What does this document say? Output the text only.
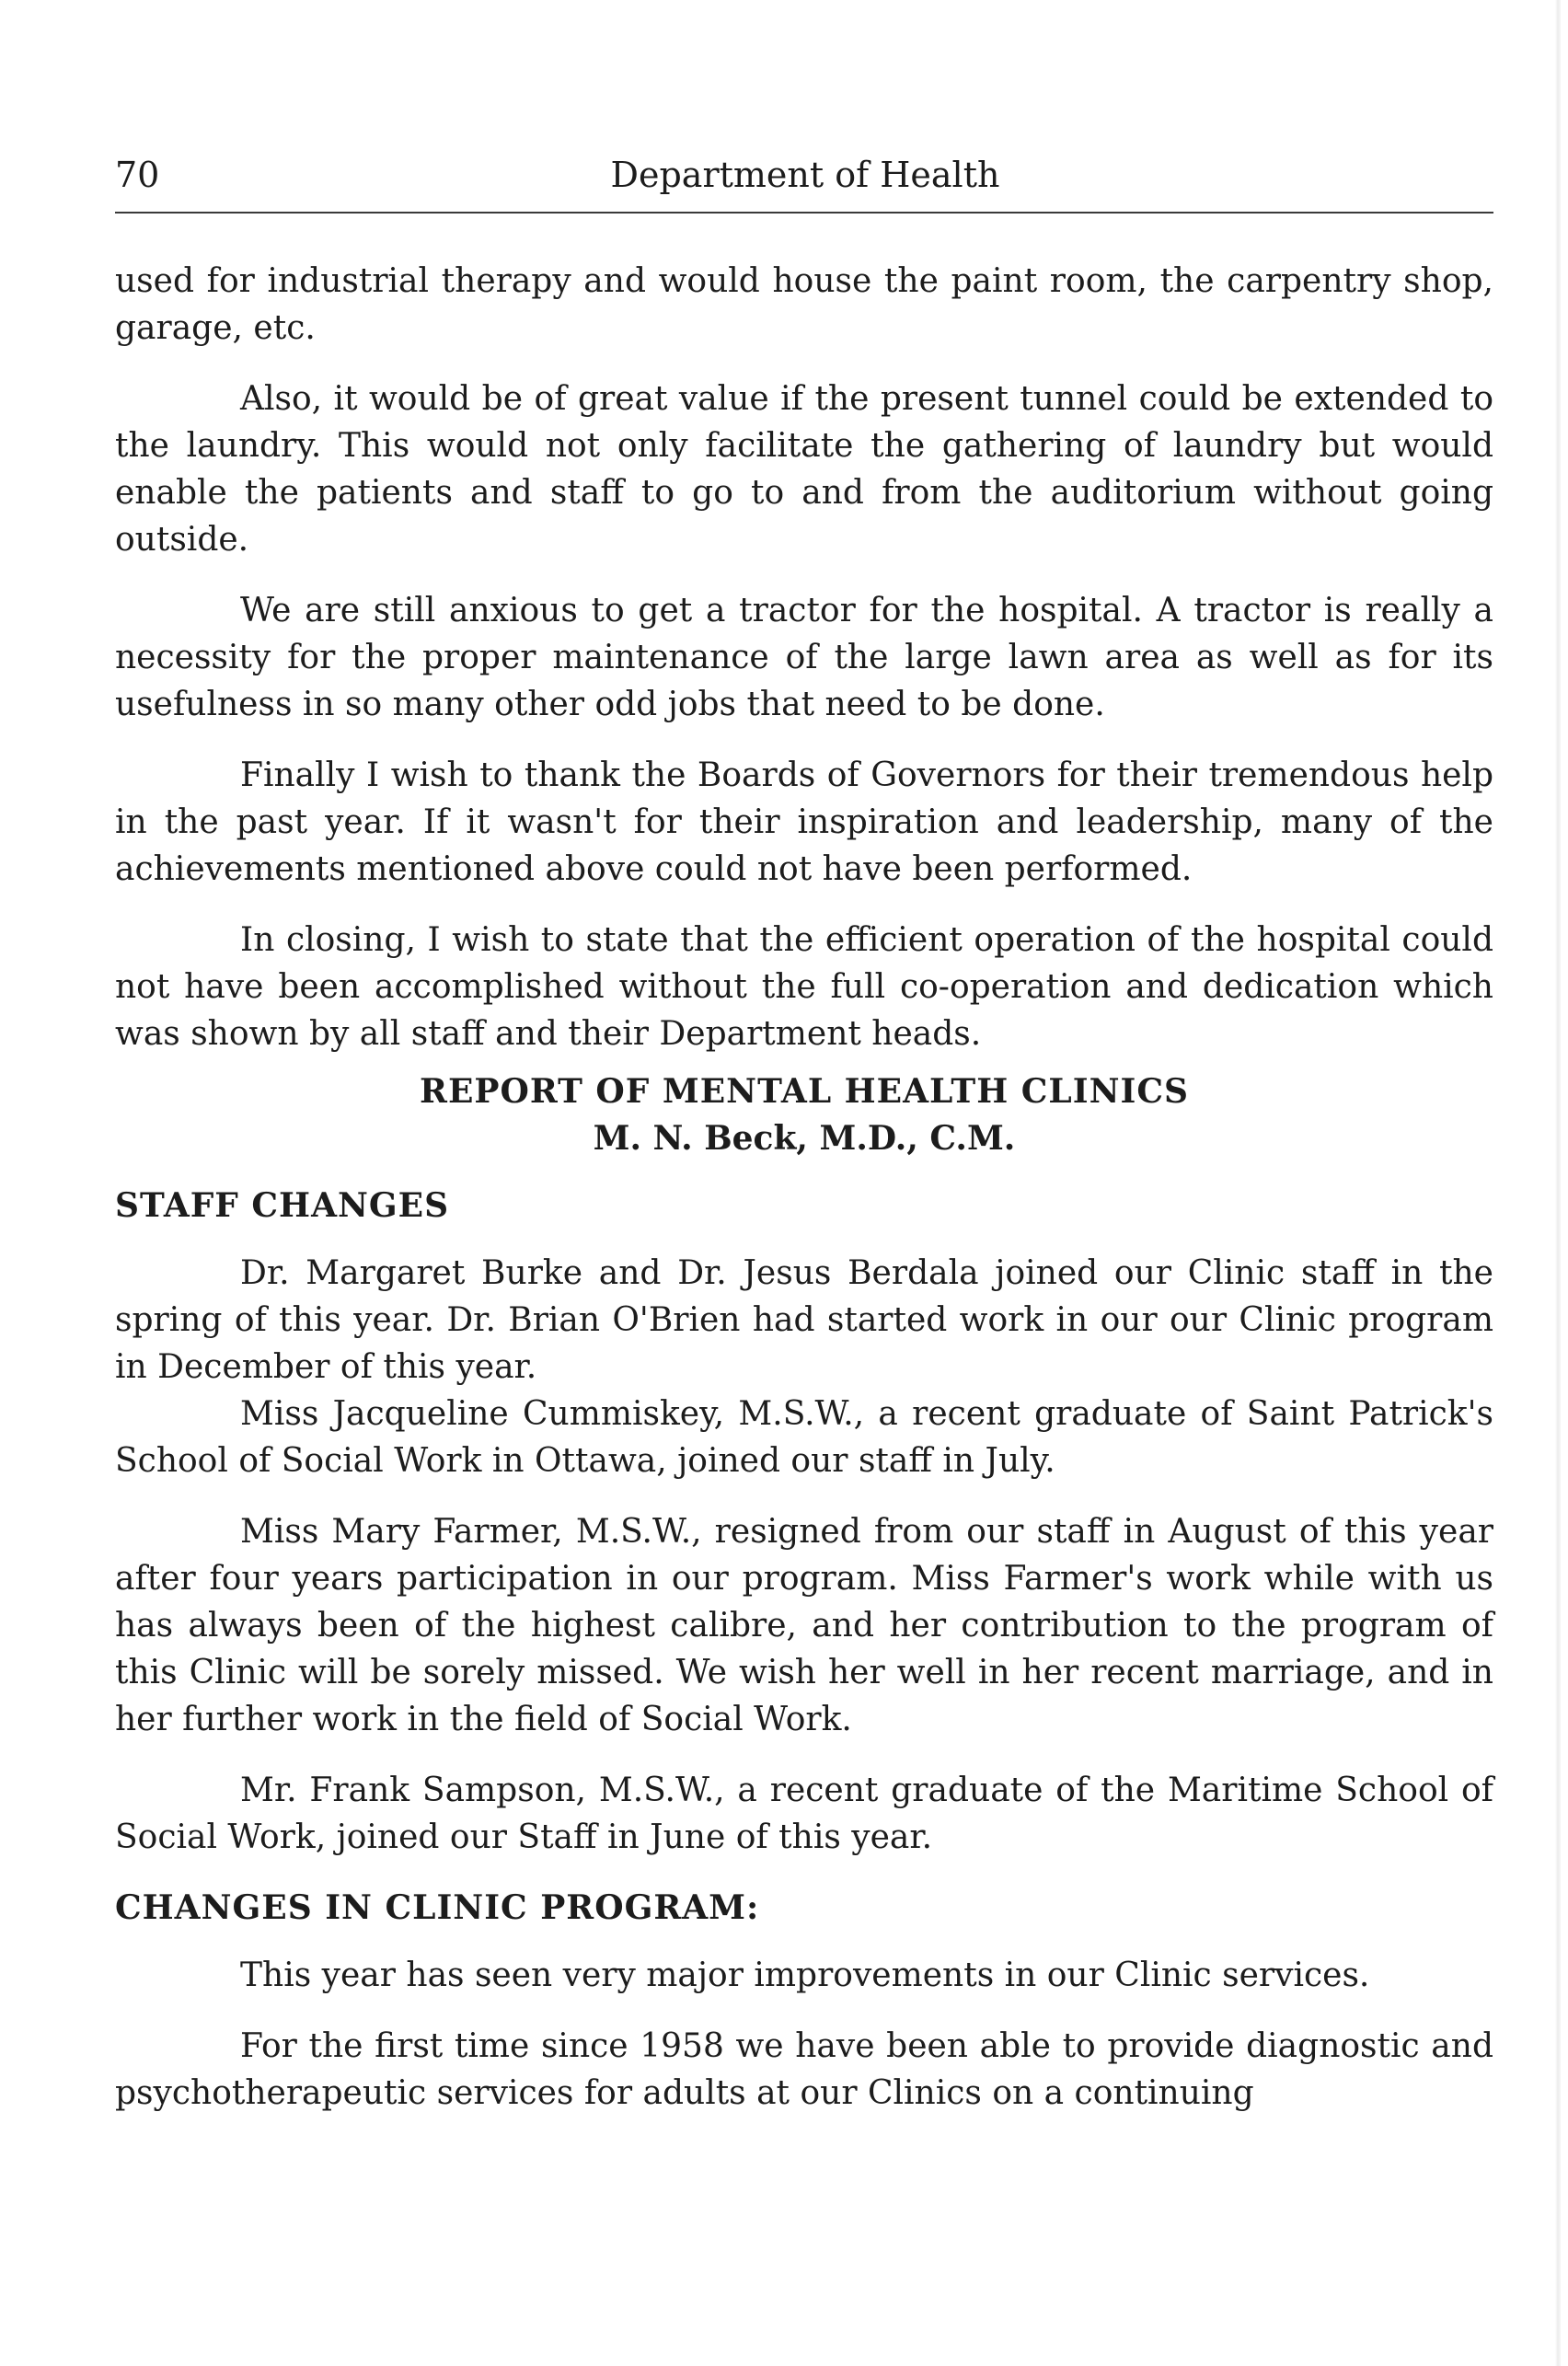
70	Department of Health

used for industrial therapy and would house the paint room, the carpentry shop, garage, etc.

Also, it would be of great value if the present tunnel could be extended to the laundry. This would not only facilitate the gathering of laundry but would enable the patients and staff to go to and from the auditorium without going outside.

We are still anxious to get a tractor for the hospital. A tractor is really a necessity for the proper maintenance of the large lawn area as well as for its usefulness in so many other odd jobs that need to be done.

Finally I wish to thank the Boards of Governors for their tremendous help in the past year. If it wasn't for their inspiration and leadership, many of the achievements mentioned above could not have been performed.

In closing, I wish to state that the efficient operation of the hospital could not have been accomplished without the full co-operation and dedication which was shown by all staff and their Department heads.

REPORT OF MENTAL HEALTH CLINICS
M. N. Beck, M.D., C.M.
STAFF CHANGES

Dr. Margaret Burke and Dr. Jesus Berdala joined our Clinic staff in the spring of this year. Dr. Brian O'Brien had started work in our our Clinic program in December of this year.

Miss Jacqueline Cummiskey, M.S.W., a recent graduate of Saint Patrick's School of Social Work in Ottawa, joined our staff in July.

Miss Mary Farmer, M.S.W., resigned from our staff in August of this year after four years participation in our program. Miss Farmer's work while with us has always been of the highest calibre, and her contribution to the program of this Clinic will be sorely missed. We wish her well in her recent marriage, and in her further work in the field of Social Work.

Mr. Frank Sampson, M.S.W., a recent graduate of the Maritime School of Social Work, joined our Staff in June of this year.

CHANGES IN CLINIC PROGRAM:

This year has seen very major improvements in our Clinic services.

For the first time since 1958 we have been able to provide diagnostic and psychotherapeutic services for adults at our Clinics on a continuing
